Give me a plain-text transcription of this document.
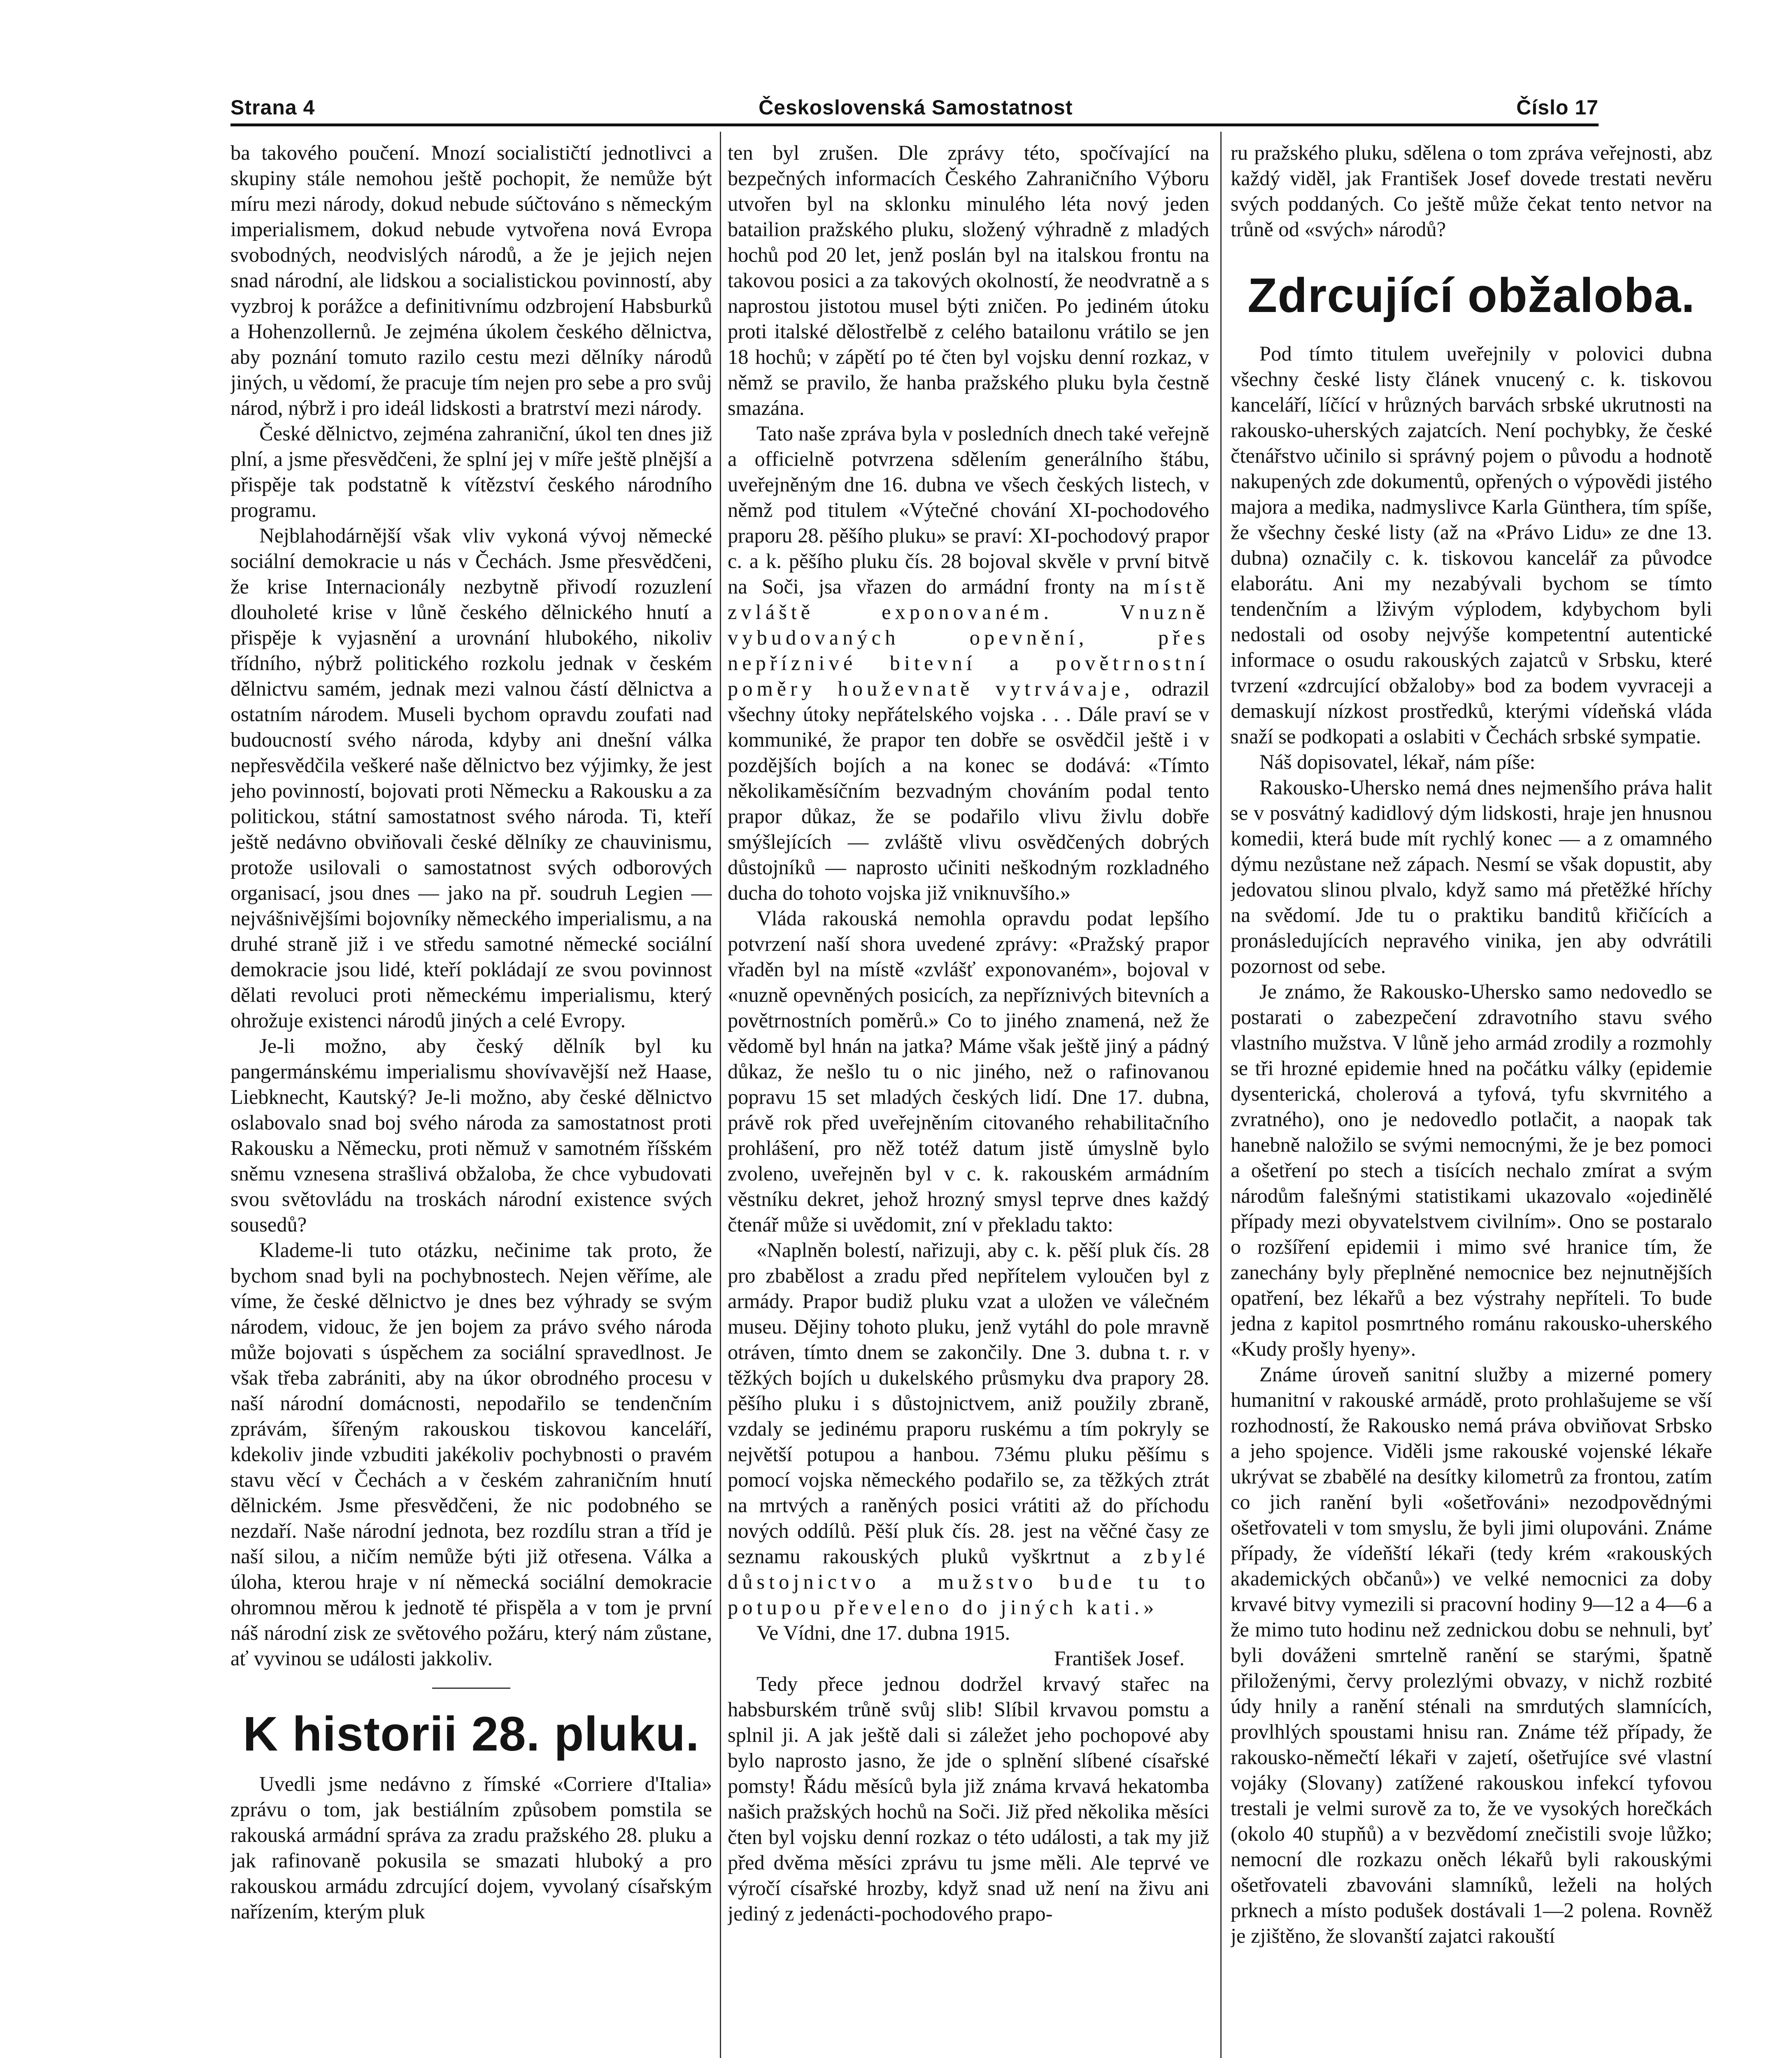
Strana 4	Československá Samostatnost	Číslo 17

ba takového poučení. Mnozí socialističtí jednotlivci a skupiny stále nemohou ještě pochopit, že nemůže být míru mezi národy, dokud nebude súčtováno s německým imperialismem, dokud nebude vytvořena nová Evropa svobodných, neodvislých národů, a že je jejich nejen snad národní, ale lidskou a socialistickou povinností, aby vyzbroj k porážce a definitivnímu odzbrojení Habsburků a Hohenzollernů. Je zejména úkolem českého dělnictva, aby poznání tomuto razilo cestu mezi dělníky národů jiných, u vědomí, že pracuje tím nejen pro sebe a pro svůj národ, nýbrž i pro ideál lidskosti a bratrství mezi národy.

České dělnictvo, zejména zahraniční, úkol ten dnes již plní, a jsme přesvědčeni, že splní jej v míře ještě plnější a přispěje tak podstatně k vítězství českého národního programu.

Nejblahodárnější však vliv vykoná vývoj německé sociální demokracie u nás v Čechách. Jsme přesvědčeni, že krise Internacionály nezbytně přivodí rozuzlení dlouholeté krise v lůně českého dělnického hnutí a přispěje k vyjasnění a urovnání hlubokého, nikoliv třídního, nýbrž politického rozkolu jednak v českém dělnictvu samém, jednak mezi valnou částí dělnictva a ostatním národem. Museli bychom opravdu zoufati nad budoucností svého národa, kdyby ani dnešní válka nepřesvědčila veškeré naše dělnictvo bez výjimky, že jest jeho povinností, bojovati proti Německu a Rakousku a za politickou, státní samostatnost svého národa. Ti, kteří ještě nedávno obviňovali české dělníky ze chauvinismu, protože usilovali o samostatnost svých odborových organisací, jsou dnes — jako na př. soudruh Legien — nejvášnivějšími bojovníky německého imperialismu, a na druhé straně již i ve středu samotné německé sociální demokracie jsou lidé, kteří pokládají ze svou povinnost dělati revoluci proti německému imperialismu, který ohrožuje existenci národů jiných a celé Evropy.

Je-li možno, aby český dělník byl ku pangermánskému imperialismu shovívavější než Haase, Liebknecht, Kautský? Je-li možno, aby české dělnictvo oslabovalo snad boj svého národa za samostatnost proti Rakousku a Německu, proti němuž v samotném říšském sněmu vznesena strašlivá obžaloba, že chce vybudovati svou světovládu na troskách národní existence svých sousedů?

Klademe-li tuto otázku, nečinime tak proto, že bychom snad byli na pochybnostech. Nejen věříme, ale víme, že české dělnictvo je dnes bez výhrady se svým národem, vidouc, že jen bojem za právo svého národa může bojovati s úspěchem za sociální spravedlnost. Je však třeba zabrániti, aby na úkor obrodného procesu v naší národní domácnosti, nepodařilo se tendenčním zprávám, šířeným rakouskou tiskovou kanceláří, kdekoliv jinde vzbuditi jakékoliv pochybnosti o pravém stavu věcí v Čechách a v českém zahraničním hnutí dělnickém. Jsme přesvědčeni, že nic podobného se nezdaří. Naše národní jednota, bez rozdílu stran a tříd je naší silou, a ničím nemůže býti již otřesena. Válka a úloha, kterou hraje v ní německá sociální demokracie ohromnou měrou k jednotě té přispěla a v tom je první náš národní zisk ze světového požáru, který nám zůstane, ať vyvinou se události jakkoliv.

K historii 28. pluku.

Uvedli jsme nedávno z římské «Corriere d'Italia» zprávu o tom, jak bestiálním způsobem pomstila se rakouská armádní správa za zradu pražského 28. pluku a jak rafinovaně pokusila se smazati hluboký a pro rakouskou armádu zdrcující dojem, vyvolaný císařským nařízením, kterým pluk

ten byl zrušen. Dle zprávy této, spočívající na bezpečných informacích Českého Zahraničního Výboru utvořen byl na sklonku minulého léta nový jeden batailion pražského pluku, složený výhradně z mladých hochů pod 20 let, jenž poslán byl na italskou frontu na takovou posici a za takových okolností, že neodvratně a s naprostou jistotou musel býti zničen. Po jediném útoku proti italské dělostřelbě z celého batailonu vrátilo se jen 18 hochů; v zápětí po té čten byl vojsku denní rozkaz, v němž se pravilo, že hanba pražského pluku byla čestně smazána.

Tato naše zpráva byla v posledních dnech také veřejně a officielně potvrzena sdělením generálního štábu, uveřejněným dne 16. dubna ve všech českých listech, v němž pod titulem «Výtečné chování XI-pochodového praporu 28. pěšího pluku» se praví: XI-pochodový prapor c. a k. pěšího pluku čís. 28 bojoval skvěle v první bitvě na Soči, jsa vřazen do armádní fronty na místě zvláště exponovaném. Vnuzně vybudovaných opevnění, přes nepříznivé bitevní a povětrnostní poměry houževnatě vytrvávaje, odrazil všechny útoky nepřátelského vojska . . . Dále praví se v kommuniké, že prapor ten dobře se osvědčil ještě i v pozdějších bojích a na konec se dodává: «Tímto několikaměsíčním bezvadným chováním podal tento prapor důkaz, že se podařilo vlivu živlu dobře smýšlejících — zvláště vlivu osvědčených dobrých důstojníků — naprosto učiniti neškodným rozkladného ducha do tohoto vojska již vniknuvšího.»

Vláda rakouská nemohla opravdu podat lepšího potvrzení naší shora uvedené zprávy: «Pražský prapor vřaděn byl na místě «zvlášť exponovaném», bojoval v «nuzně opevněných posicích, za nepříznivých bitevních a povětrnostních poměrů.» Co to jiného znamená, než že vědomě byl hnán na jatka? Máme však ještě jiný a pádný důkaz, že nešlo tu o nic jiného, než o rafinovanou popravu 15 set mladých českých lidí. Dne 17. dubna, právě rok před uveřejněním citovaného rehabilitačního prohlášení, pro něž totéž datum jistě úmyslně bylo zvoleno, uveřejněn byl v c. k. rakouském armádním věstníku dekret, jehož hrozný smysl teprve dnes každý čtenář může si uvědomit, zní v překladu takto:

«Naplněn bolestí, nařizuji, aby c. k. pěší pluk čís. 28 pro zbabělost a zradu před nepřítelem vyloučen byl z armády. Prapor budiž pluku vzat a uložen ve válečném museu. Dějiny tohoto pluku, jenž vytáhl do pole mravně otráven, tímto dnem se zakončily. Dne 3. dubna t. r. v těžkých bojích u dukelského průsmyku dva prapory 28. pěšího pluku i s důstojnictvem, aniž použily zbraně, vzdaly se jedinému praporu ruskému a tím pokryly se největší potupou a hanbou. 73ému pluku pěšímu s pomocí vojska německého podařilo se, za těžkých ztrát na mrtvých a raněných posici vrátiti až do příchodu nových oddílů. Pěší pluk čís. 28. jest na věčné časy ze seznamu rakouských pluků vyškrtnut a zbylé důstojnictvo a mužstvo bude tu to potupou převeleno do jiných kati.»

Ve Vídni, dne 17. dubna 1915.

František Josef.

Tedy přece jednou dodržel krvavý stařec na habsburském trůně svůj slib! Slíbil krvavou pomstu a splnil ji. A jak ještě dali si záležet jeho pochopové aby bylo naprosto jasno, že jde o splnění slíbené císařské pomsty! Řádu měsíců byla již známa krvavá hekatomba našich pražských hochů na Soči. Již před několika měsíci čten byl vojsku denní rozkaz o této události, a tak my již před dvěma měsíci zprávu tu jsme měli. Ale teprvé ve výročí císařské hrozby, když snad už není na živu ani jediný z jedenácti-pochodového prapo-

ru pražského pluku, sdělena o tom zpráva veřejnosti, abz každý viděl, jak František Josef dovede trestati nevěru svých poddaných. Co ještě může čekat tento netvor na trůně od «svých» národů?

Zdrcující obžaloba.

Pod tímto titulem uveřejnily v polovici dubna všechny české listy článek vnucený c. k. tiskovou kanceláří, líčící v hrůzných barvách srbské ukrutnosti na rakousko-uherských zajatcích. Není pochybky, že české čtenářstvo učinilo si správný pojem o původu a hodnotě nakupených zde dokumentů, opřených o výpovědi jistého majora a medika, nadmyslivce Karla Günthera, tím spíše, že všechny české listy (až na «Právo Lidu» ze dne 13. dubna) označily c. k. tiskovou kancelář za původce elaborátu. Ani my nezabývali bychom se tímto tendenčním a lživým výplodem, kdybychom byli nedostali od osoby nejvýše kompetentní autentické informace o osudu rakouských zajatců v Srbsku, které tvrzení «zdrcující obžaloby» bod za bodem vyvraceji a demaskují nízkost prostředků, kterými vídeňská vláda snaží se podkopati a oslabiti v Čechách srbské sympatie.

Náš dopisovatel, lékař, nám píše:

Rakousko-Uhersko nemá dnes nejmenšího práva halit se v posvátný kadidlový dým lidskosti, hraje jen hnusnou komedii, která bude mít rychlý konec — a z omamného dýmu nezůstane než zápach. Nesmí se však dopustit, aby jedovatou slinou plvalo, když samo má přetěžké hříchy na svědomí. Jde tu o praktiku banditů křičících a pronásledujících nepravého vinika, jen aby odvrátili pozornost od sebe.

Je známo, že Rakousko-Uhersko samo nedovedlo se postarati o zabezpečení zdravotního stavu svého vlastního mužstva. V lůně jeho armád zrodily a rozmohly se tři hrozné epidemie hned na počátku války (epidemie dysenterická, cholerová a tyfová, tyfu skvrnitého a zvratného), ono je nedovedlo potlačit, a naopak tak hanebně naložilo se svými nemocnými, že je bez pomoci a ošetření po stech a tisících nechalo zmírat a svým národům falešnými statistikami ukazovalo «ojedinělé případy mezi obyvatelstvem civilním». Ono se postaralo o rozšíření epidemii i mimo své hranice tím, že zanechány byly přeplněné nemocnice bez nejnutnějších opatření, bez lékařů a bez výstrahy nepříteli. To bude jedna z kapitol posmrtného románu rakousko-uherského «Kudy prošly hyeny».

Známe úroveň sanitní služby a mizerné pomery humanitní v rakouské armádě, proto prohlašujeme se vší rozhodností, že Rakousko nemá práva obviňovat Srbsko a jeho spojence. Viděli jsme rakouské vojenské lékaře ukrývat se zbabělé na desítky kilometrů za frontou, zatím co jich ranění byli «ošetřováni» nezodpovědnými ošetřovateli v tom smyslu, že byli jimi olupováni. Známe případy, že vídeňští lékaři (tedy krém «rakouských akademických občanů») ve velké nemocnici za doby krvavé bitvy vymezili si pracovní hodiny 9—12 a 4—6 a že mimo tuto hodinu než zednickou dobu se nehnuli, byť byli dováženi smrtelně ranění se starými, špatně přiloženými, červy prolezlými obvazy, v nichž rozbité údy hnily a ranění sténali na smrdutých slamnících, provlhlých spoustami hnisu ran. Známe též případy, že rakousko-němečtí lékaři v zajetí, ošetřujíce své vlastní vojáky (Slovany) zatížené rakouskou infekcí tyfovou trestali je velmi surově za to, že ve vysokých horečkách (okolo 40 stupňů) a v bezvědomí znečistili svoje lůžko; nemocní dle rozkazu oněch lékařů byli rakouskými ošetřovateli zbavováni slamníků, leželi na holých prknech a místo podušek dostávali 1—2 polena. Rovněž je zjištěno, že slovanští zajatci rakouští
